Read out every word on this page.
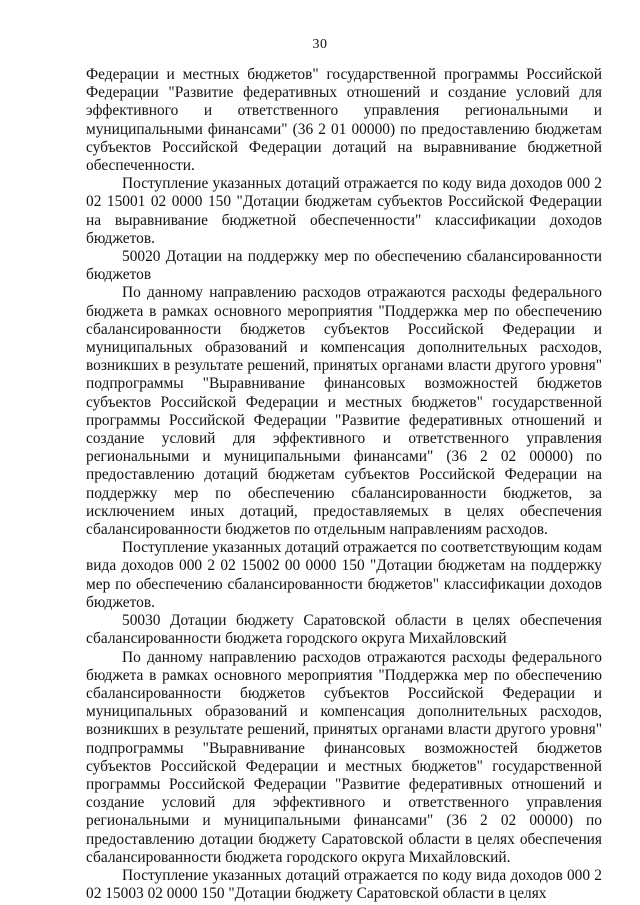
30

Федерации и местных бюджетов" государственной программы Российской Федерации "Развитие федеративных отношений и создание условий для эффективного и ответственного управления региональными и муниципальными финансами" (36 2 01 00000) по предоставлению бюджетам субъектов Российской Федерации дотаций на выравнивание бюджетной обеспеченности.

Поступление указанных дотаций отражается по коду вида доходов 000 2 02 15001 02 0000 150 "Дотации бюджетам субъектов Российской Федерации на выравнивание бюджетной обеспеченности" классификации доходов бюджетов.

50020 Дотации на поддержку мер по обеспечению сбалансированности бюджетов

По данному направлению расходов отражаются расходы федерального бюджета в рамках основного мероприятия "Поддержка мер по обеспечению сбалансированности бюджетов субъектов Российской Федерации и муниципальных образований и компенсация дополнительных расходов, возникших в результате решений, принятых органами власти другого уровня" подпрограммы "Выравнивание финансовых возможностей бюджетов субъектов Российской Федерации и местных бюджетов" государственной программы Российской Федерации "Развитие федеративных отношений и создание условий для эффективного и ответственного управления региональными и муниципальными финансами" (36 2 02 00000) по предоставлению дотаций бюджетам субъектов Российской Федерации на поддержку мер по обеспечению сбалансированности бюджетов, за исключением иных дотаций, предоставляемых в целях обеспечения сбалансированности бюджетов по отдельным направлениям расходов.

Поступление указанных дотаций отражается по соответствующим кодам вида доходов 000 2 02 15002 00 0000 150 "Дотации бюджетам на поддержку мер по обеспечению сбалансированности бюджетов" классификации доходов бюджетов.

50030 Дотации бюджету Саратовской области в целях обеспечения сбалансированности бюджета городского округа Михайловский

По данному направлению расходов отражаются расходы федерального бюджета в рамках основного мероприятия "Поддержка мер по обеспечению сбалансированности бюджетов субъектов Российской Федерации и муниципальных образований и компенсация дополнительных расходов, возникших в результате решений, принятых органами власти другого уровня" подпрограммы "Выравнивание финансовых возможностей бюджетов субъектов Российской Федерации и местных бюджетов" государственной программы Российской Федерации "Развитие федеративных отношений и создание условий для эффективного и ответственного управления региональными и муниципальными финансами" (36 2 02 00000) по предоставлению дотации бюджету Саратовской области в целях обеспечения сбалансированности бюджета городского округа Михайловский.

Поступление указанных дотаций отражается по коду вида доходов 000 2 02 15003 02 0000 150 "Дотации бюджету Саратовской области в целях
